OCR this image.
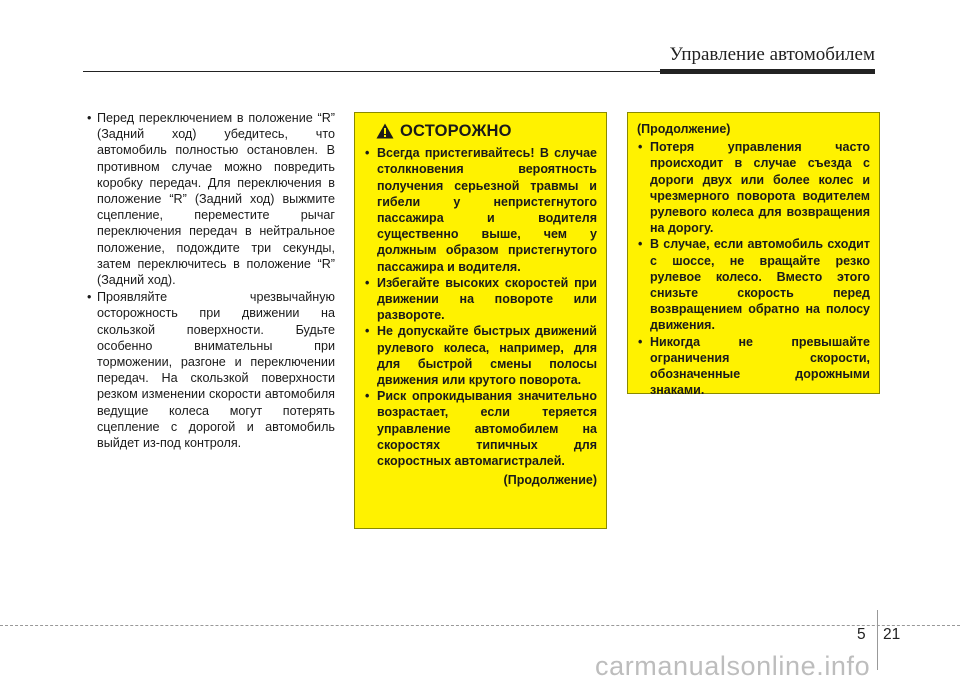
Управление автомобилем
• Перед переключением в положение “R” (Задний ход) убедитесь, что автомобиль полностью остановлен. В противном случае можно повредить коробку передач. Для переключения в положение “R” (Задний ход) выжмите сцепление, переместите рычаг переключения передач в нейтральное положение, подождите три секунды, затем переключитесь в положение “R” (Задний ход).
• Проявляйте чрезвычайную осторожность при движении на скользкой поверхности. Будьте особенно внимательны при торможении, разгоне и переключении передач. На скользкой поверхности резком изменении скорости автомобиля ведущие колеса могут потерять сцепление с дорогой и автомобиль выйдет из-под контроля.
ОСТОРОЖНО
• Всегда пристегивайтесь! В случае столкновения вероятность получения серьезной травмы и гибели у непристегнутого пассажира и водителя существенно выше, чем у должным образом пристегнутого пассажира и водителя.
• Избегайте высоких скоростей при движении на повороте или развороте.
• Не допускайте быстрых движений рулевого колеса, например, для для быстрой смены полосы движения или крутого поворота.
• Риск опрокидывания значительно возрастает, если теряется управление автомобилем на скоростях типичных для скоростных автомагистралей.
(Продолжение)
(Продолжение)
• Потеря управления часто происходит в случае съезда с дороги двух или более колес и чрезмерного поворота водителем рулевого колеса для возвращения на дорогу.
• В случае, если автомобиль сходит с шоссе, не вращайте резко рулевое колесо. Вместо этого снизьте скорость перед возвращением обратно на полосу движения.
• Никогда не превышайте ограничения скорости, обозначенные дорожными знаками.
5 21
carmanualsonline.info
